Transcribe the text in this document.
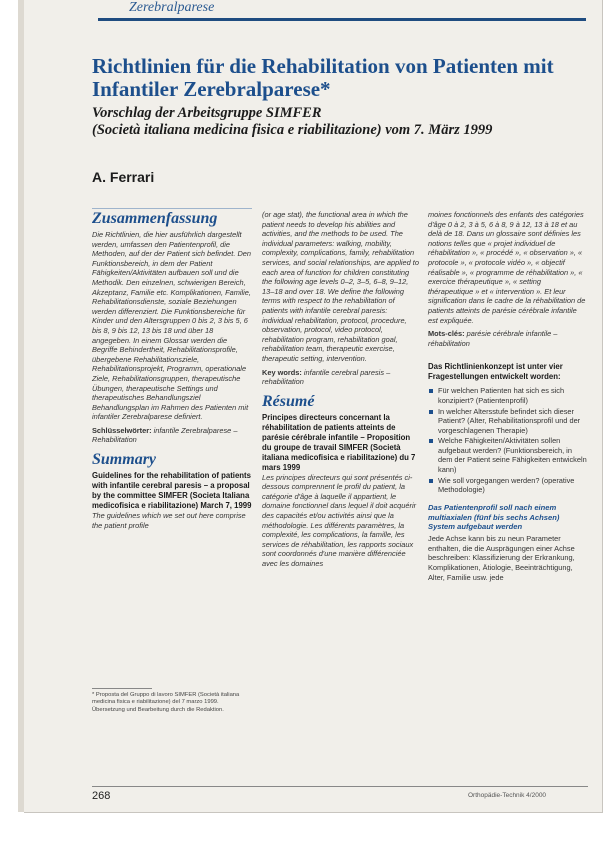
Zerebralparese
Richtlinien für die Rehabilitation von Patienten mit Infantiler Zerebralparese*
Vorschlag der Arbeitsgruppe SIMFER
(Società italiana medicina fisica e riabilitazione) vom 7. März 1999
A. Ferrari
Zusammenfassung

Die Richtlinien, die hier ausführlich dargestellt werden, umfassen den Patientenprofil, die Methoden, auf der der Patient sich befindet. Den Funktionsbereich, in dem der Patient Fähigkeiten/Aktivitäten aufbauen soll und die Methodik. Den einzelnen, schwierigen Bereich, Akzeptanz, Familie etc. Komplikationen, Familie, Rehabilitationsdienste, soziale Beziehungen werden differenziert. Die Funktionsbereiche für Kinder und den Altersgruppen 0 bis 2, 3 bis 5, 6 bis 8, 9 bis 12, 13 bis 18 und über 18 angegeben. In einem Glossar werden die Begriffe Behindertheit, Rehabilitationsprofile, übergebene Rehabilitationsziele, Rehabilitationsprojekt, Programm, operationale Ziele, Rehabilitationsgruppen, therapeutische Übungen, therapeutische Settings und therapeutisches Behandlungsziel Behandlungsplan im Rahmen des Patienten mit infantiler Zerebralparese definiert.

Schlüsselwörter: infantile Zerebralparese – Rehabilitation

Summary

Guidelines for the rehabilitation of patients with infantile cerebral paresis – a proposal by the committee SIMFER (Societa Italiana medicofisica e riabilitazione) March 7, 1999

The guidelines which we set out here comprise the patient profile

(or age stat), the functional area in which the patient needs to develop his abilities and activities, and the methods to be used. The individual parameters: walking, mobility, complexity, complications, family, rehabilitation services, and social relationships, are applied to each area of function for children constituting the following age levels 0–2, 3–5, 6–8, 9–12, 13–18 and over 18. We define the following terms with respect to the rehabilitation of patients with infantile cerebral paresis: individual rehabilitation, protocol, procedure, observation, protocol, video protocol, rehabilitation program, rehabilitation goal, rehabilitation team, therapeutic exercise, therapeutic setting, intervention.

Key words: infantile cerebral paresis – rehabilitation

Résumé

Principes directeurs concernant la réhabilitation de patients atteints de parésie cérébrale infantile – Proposition du groupe de travail SIMFER (Società italiana medicofisica e riabilitazione) du 7 mars 1999

Les principes directeurs qui sont présentés ci-dessous comprennent le profil du patient, la catégorie d'âge à laquelle il appartient, le domaine fonctionnel dans lequel il doit acquérir des capacités et/ou activités ainsi que la méthodologie. Les différents paramètres, la complexité, les complications, la famille, les services de réhabilitation, les rapports sociaux sont coordonnés d'une manière différenciée avec les domaines

moines fonctionnels des enfants des catégories d'âge 0 à 2, 3 à 5, 6 à 8, 9 à 12, 13 à 18 et au delà de 18. Dans un glossaire sont définies les notions telles que « projet individuel de réhabilitation », « procédé », « observation », « protocole », « protocole vidéo », « objectif réalisable », « programme de réhabilitation », « exercice thérapeutique », « setting thérapeutique » et « intervention ». Et leur signification dans le cadre de la réhabilitation de patients atteints de parésie cérébrale infantile est expliquée.

Mots-clés: parésie cérébrale infantile – réhabilitation

Das Richtlinienkonzept ist unter vier Fragestellungen entwickelt worden:

Für welchen Patienten hat sich es sich konzipiert? (Patientenprofil)
In welcher Altersstufe befindet sich dieser Patient? (Alter, Rehabilitationsprofil und der vorgeschlagenen Therapie)
Welche Fähigkeiten/Aktivitäten sollen aufgebaut werden? (Funktionsbereich, in dem der Patient seine Fähigkeiten entwickeln kann)
Wie soll vorgegangen werden? (operative Methodologie)

Das Patientenprofil soll nach einem multiaxialen (fünf bis sechs Achsen) System aufgebaut werden

Jede Achse kann bis zu neun Parameter enthalten, die die Ausprägungen einer Achse beschreiben: Klassifizierung der Erkrankung, Komplikationen, Ätiologie, Beeinträchtigung, Alter, Familie usw. jede

* Proposta del Gruppo di lavoro SIMFER (Società italiana medicina fisica e riabilitazione) del 7 marzo 1999. Übersetzung und Bearbeitung durch die Redaktion.
268	Orthopädie-Technik 4/2000
